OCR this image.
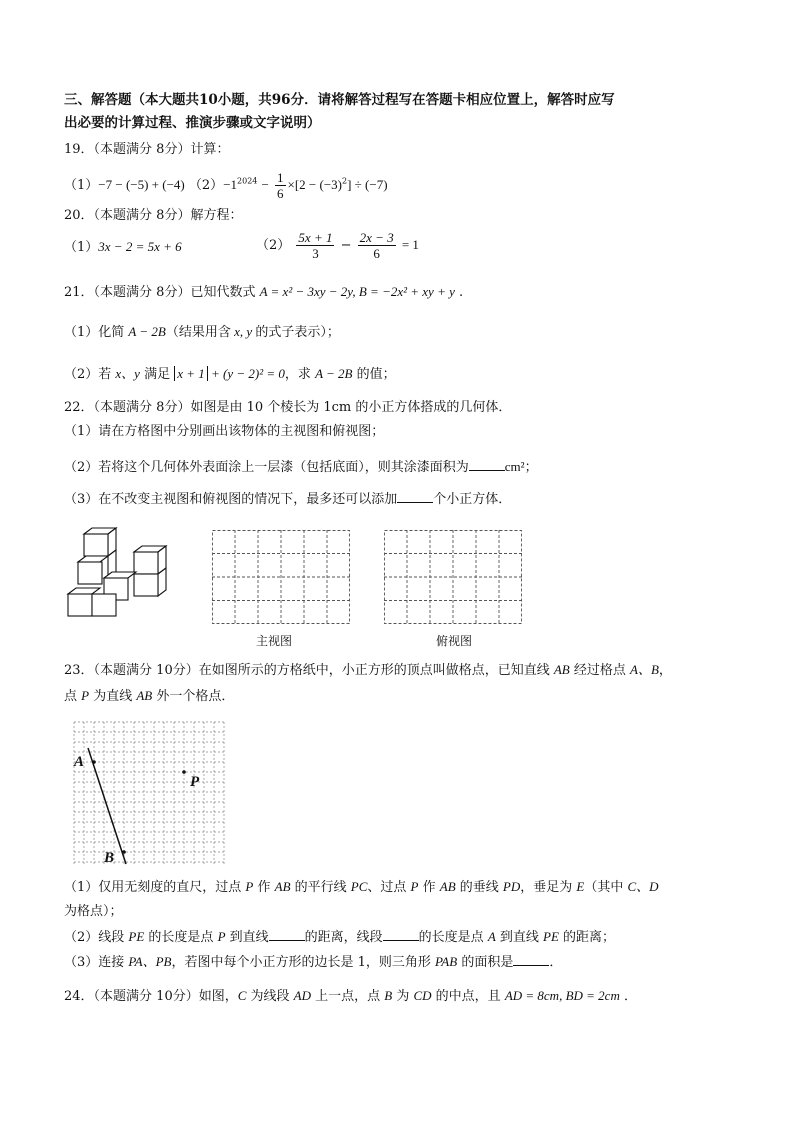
三、解答题（本大题共10小题，共96分．请将解答过程写在答题卡相应位置上，解答时应写
出必要的计算过程、推演步骤或文字说明）
19．（本题满分 8分）计算：
（1）−7 − (−5) + (−4) $(2)-1^{2024} - \frac{1}{6} \times[2 - (-3)^2] \div (-7)$
20．（本题满分 8分）解方程：
（1）3x − 2 = 5x + 6	$(2) \frac{5x + 1}{3} - \frac{2x - 3}{6} = 1$
21．（本题满分 8分）已知代数式 A = x² − 3xy − 2y, B = −2x² + xy + y .
（1）化简 A − 2B（结果用含 x, y 的式子表示）；
（2）若 x、y 满足 x + 1 + (y − 2)² = 0，求 A − 2B 的值；
22．（本题满分 8分）如图是由 10 个棱长为 1cm 的小正方体搭成的几何体．
（1）请在方格图中分别画出该物体的主视图和俯视图；
（2）若将这个几何体外表面涂上一层漆（包括底面），则其涂漆面积为	cm²；
（3）在不改变主视图和俯视图的情况下，最多还可以添加	个小正方体．
主视图	俯视图
23．（本题满分 10分）在如图所示的方格纸中，小正方形的顶点叫做格点，已知直线 AB 经过格点 A、B，
点 P 为直线 AB 外一个格点．
A
B
P
（1）仅用无刻度的直尺，过点 P 作 AB 的平行线 PC、过点 P 作 AB 的垂线 PD，垂足为 E（其中 C、D
为格点）；
（2）线段 PE 的长度是点 P 到直线	的距离，线段	的长度是点 A 到直线 PE 的距离；
（3）连接 PA、PB，若图中每个小正方形的边长是 1，则三角形 PAB 的面积是	．
24．（本题满分 10分）如图，C 为线段 AD 上一点，点 B 为 CD 的中点，且 AD = 8cm, BD = 2cm ．
